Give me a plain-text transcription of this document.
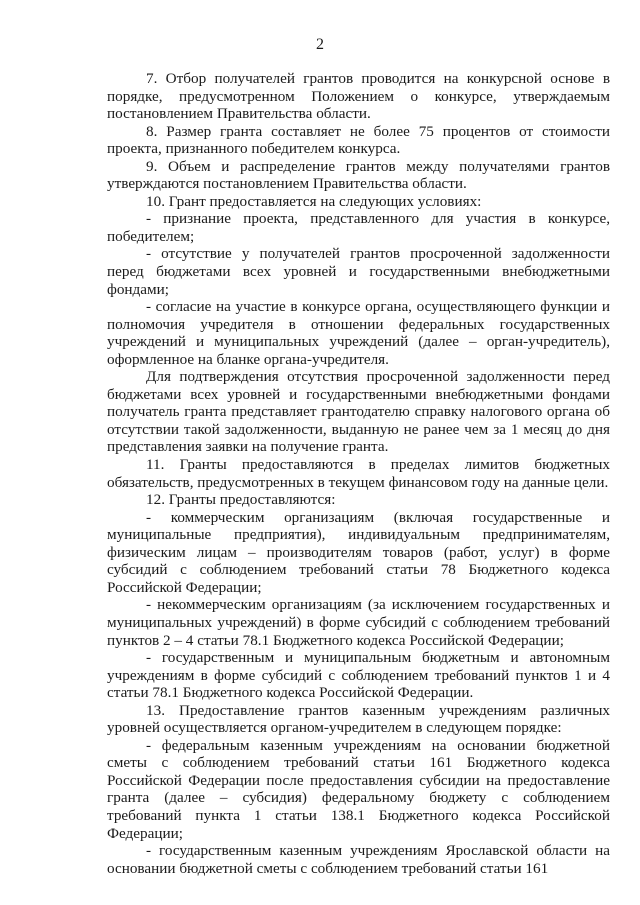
2

7. Отбор получателей грантов проводится на конкурсной основе в порядке, предусмотренном Положением о конкурсе, утверждаемым постановлением Правительства области.

8. Размер гранта составляет не более 75 процентов от стоимости проекта, признанного победителем конкурса.

9. Объем и распределение грантов между получателями грантов утверждаются постановлением Правительства области.

10. Грант предоставляется на следующих условиях:

- признание проекта, представленного для участия в конкурсе, победителем;

- отсутствие у получателей грантов просроченной задолженности перед бюджетами всех уровней и государственными внебюджетными фондами;

- согласие на участие в конкурсе органа, осуществляющего функции и полномочия учредителя в отношении федеральных государственных учреждений и муниципальных учреждений (далее – орган-учредитель), оформленное на бланке органа-учредителя.

Для подтверждения отсутствия просроченной задолженности перед бюджетами всех уровней и государственными внебюджетными фондами получатель гранта представляет грантодателю справку налогового органа об отсутствии такой задолженности, выданную не ранее чем за 1 месяц до дня представления заявки на получение гранта.

11. Гранты предоставляются в пределах лимитов бюджетных обязательств, предусмотренных в текущем финансовом году на данные цели.

12. Гранты предоставляются:

- коммерческим организациям (включая государственные и муниципальные предприятия), индивидуальным предпринимателям, физическим лицам – производителям товаров (работ, услуг) в форме субсидий с соблюдением требований статьи 78 Бюджетного кодекса Российской Федерации;

- некоммерческим организациям (за исключением государственных и муниципальных учреждений) в форме субсидий с соблюдением требований пунктов 2 – 4 статьи 78.1 Бюджетного кодекса Российской Федерации;

- государственным и муниципальным бюджетным и автономным учреждениям в форме субсидий с соблюдением требований пунктов 1 и 4 статьи 78.1 Бюджетного кодекса Российской Федерации.

13. Предоставление грантов казенным учреждениям различных уровней осуществляется органом-учредителем в следующем порядке:

- федеральным казенным учреждениям на основании бюджетной сметы с соблюдением требований статьи 161 Бюджетного кодекса Российской Федерации после предоставления субсидии на предоставление гранта (далее – субсидия) федеральному бюджету с соблюдением требований пункта 1 статьи 138.1 Бюджетного кодекса Российской Федерации;

- государственным казенным учреждениям Ярославской области на основании бюджетной сметы с соблюдением требований статьи 161
